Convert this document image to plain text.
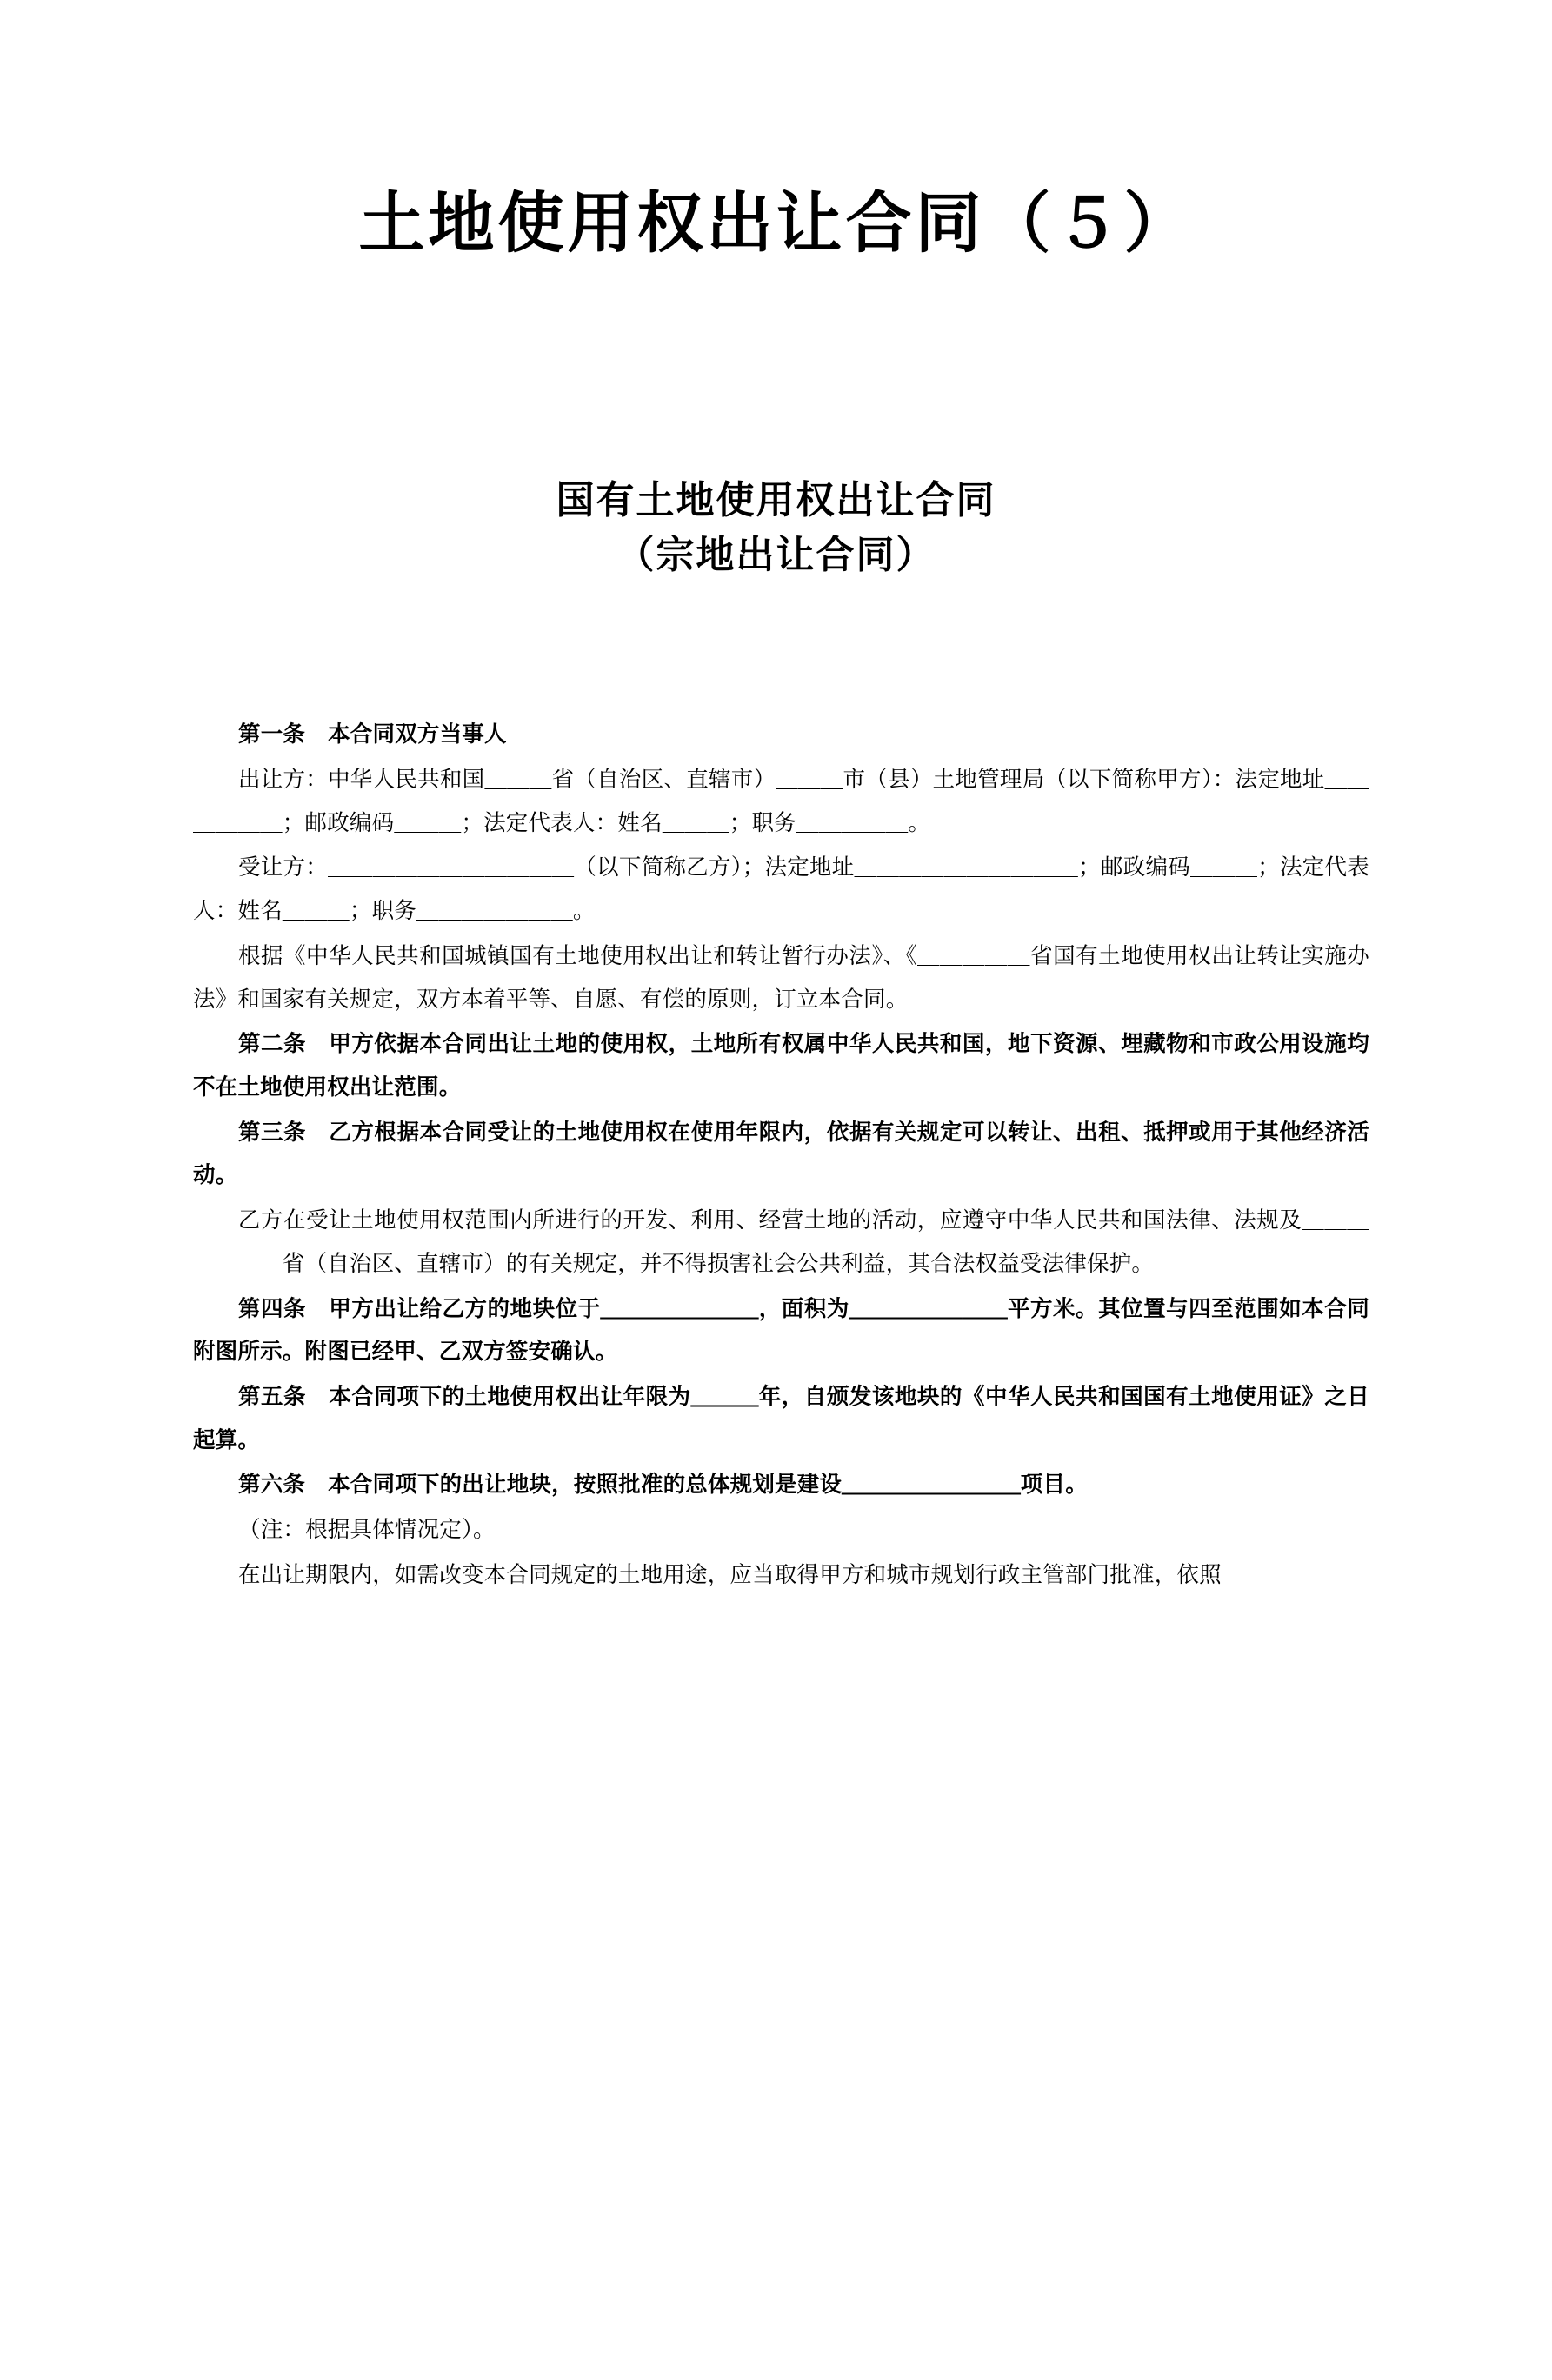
土地使用权出让合同（５）
国有土地使用权出让合同
（宗地出让合同）

第一条 本合同双方当事人

出让方：中华人民共和国＿＿＿省（自治区、直辖市）＿＿＿市（县）土地管理局（以下简称甲方）：法定地址＿＿＿＿＿＿；邮政编码＿＿＿；法定代表人：姓名＿＿＿；职务＿＿＿＿＿。

受让方：＿＿＿＿＿＿＿＿＿＿＿（以下简称乙方）；法定地址＿＿＿＿＿＿＿＿＿＿；邮政编码＿＿＿；法定代表人：姓名＿＿＿；职务＿＿＿＿＿＿＿。

根据《中华人民共和国城镇国有土地使用权出让和转让暂行办法》、《＿＿＿＿＿省国有土地使用权出让转让实施办法》和国家有关规定，双方本着平等、自愿、有偿的原则，订立本合同。

第二条 甲方依据本合同出让土地的使用权，土地所有权属中华人民共和国，地下资源、埋藏物和市政公用设施均不在土地使用权出让范围。

第三条 乙方根据本合同受让的土地使用权在使用年限内，依据有关规定可以转让、出租、抵押或用于其他经济活动。

乙方在受让土地使用权范围内所进行的开发、利用、经营土地的活动，应遵守中华人民共和国法律、法规及＿＿＿＿＿＿＿省（自治区、直辖市）的有关规定，并不得损害社会公共利益，其合法权益受法律保护。

第四条 甲方出让给乙方的地块位于＿＿＿＿＿＿＿，面积为＿＿＿＿＿＿＿平方米。其位置与四至范围如本合同附图所示。附图已经甲、乙双方签安确认。

第五条 本合同项下的土地使用权出让年限为＿＿＿年，自颁发该地块的《中华人民共和国国有土地使用证》之日起算。

第六条 本合同项下的出让地块，按照批准的总体规划是建设＿＿＿＿＿＿＿＿项目。

（注：根据具体情况定）。

在出让期限内，如需改变本合同规定的土地用途，应当取得甲方和城市规划行政主管部门批准，依照
